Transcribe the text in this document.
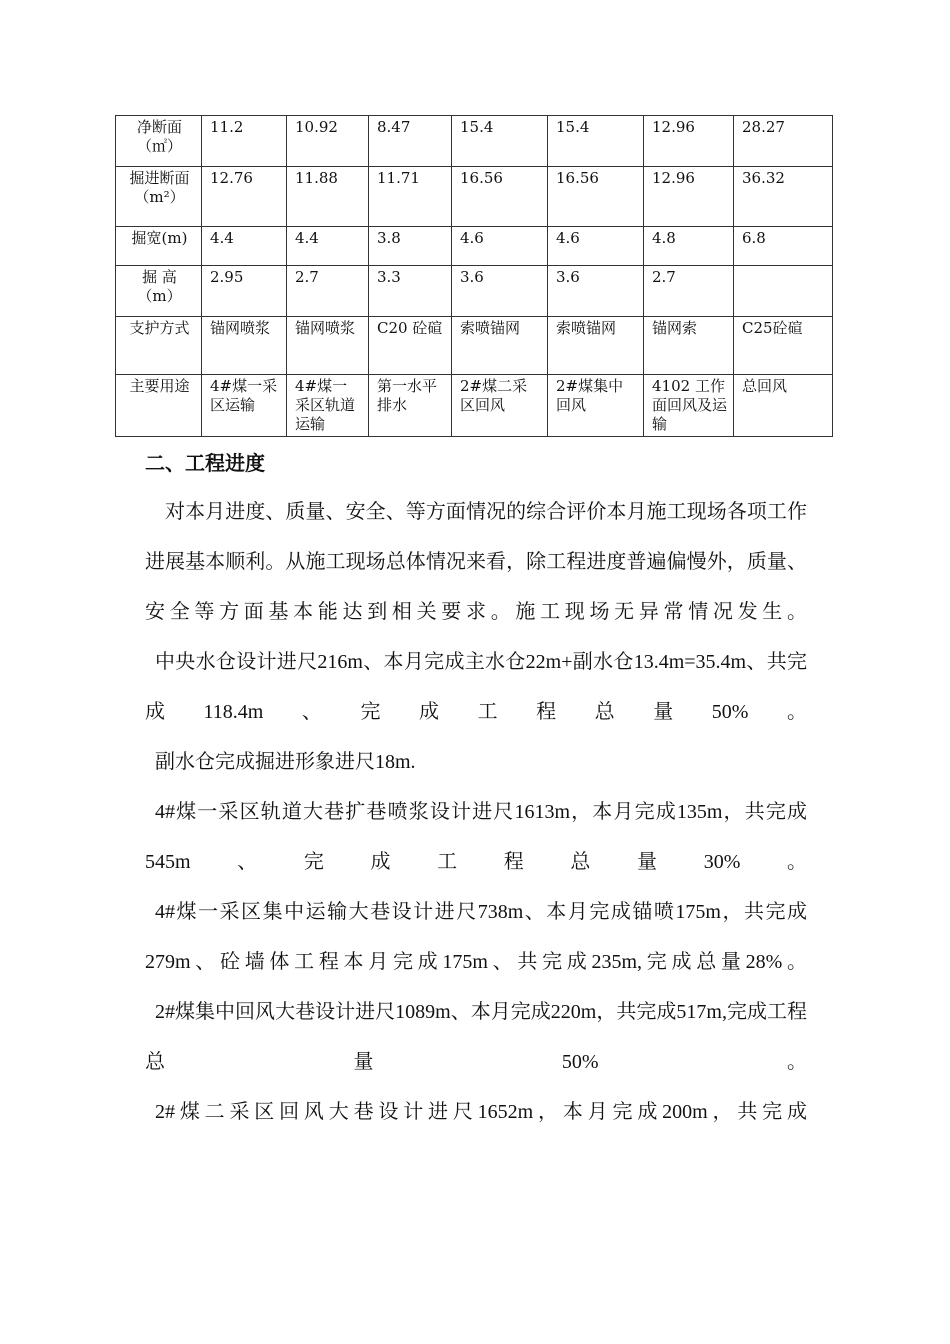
净断面（㎡）	11.2	10.92	8.47	15.4	15.4	12.96	28.27
掘进断面（m²）	12.76	11.88	11.71	16.56	16.56	12.96	36.32
掘宽(m)	4.4	4.4	3.8	4.6	4.6	4.8	6.8
掘 高（m）	2.95	2.7	3.3	3.6	3.6	2.7	
支护方式	锚网喷浆	锚网喷浆	C20 砼碹	索喷锚网	索喷锚网	锚网索	C25砼碹
主要用途	4#煤一采区运输	4#煤一采区轨道运输	第一水平排水	2#煤二采区回风	2#煤集中回风	4102 工作面回风及运输	总回风
二、工程进度

对本月进度、质量、安全、等方面情况的综合评价本月施工现场各项工作进展基本顺利。从施工现场总体情况来看，除工程进度普遍偏慢外，质量、安全等方面基本能达到相关要求。施工现场无异常情况发生。

中央水仓设计进尺216m、本月完成主水仓22m+副水仓13.4m=35.4m、共完成118.4m、完成工程总量50%。

副水仓完成掘进形象进尺18m.

4#煤一采区轨道大巷扩巷喷浆设计进尺1613m，本月完成135m，共完成545m、完成工程总量30%。

4#煤一采区集中运输大巷设计进尺738m、本月完成锚喷175m，共完成279m、砼墙体工程本月完成175m、共完成235m,完成总量28%。

2#煤集中回风大巷设计进尺1089m、本月完成220m，共完成517m,完成工程总量50%。

2#煤二采区回风大巷设计进尺1652m，本月完成200m，共完成
